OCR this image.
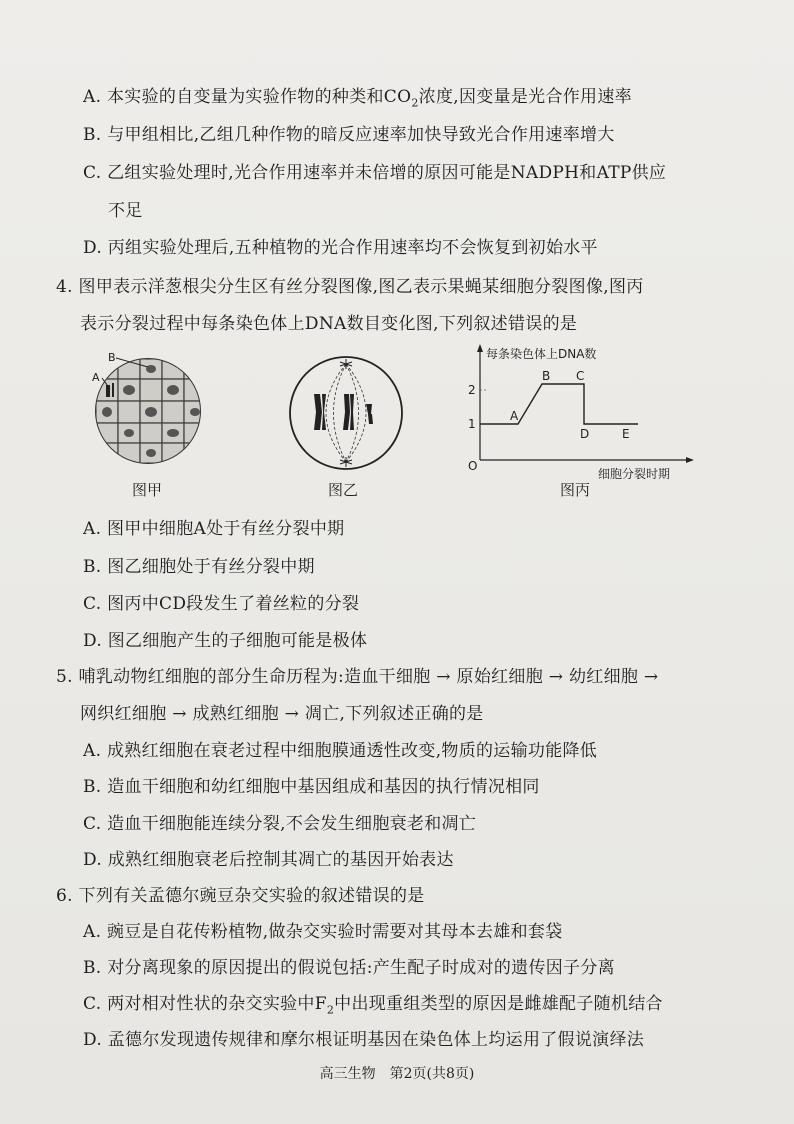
A. 本实验的自变量为实验作物的种类和$CO_2$浓度,因变量是光合作用速率
B. 与甲组相比,乙组几种作物的暗反应速率加快导致光合作用速率增大
C. 乙组实验处理时,光合作用速率并未倍增的原因可能是NADPH和ATP供应
不足
D. 丙组实验处理后,五种植物的光合作用速率均不会恢复到初始水平
4. 图甲表示洋葱根尖分生区有丝分裂图像,图乙表示果蝇某细胞分裂图像,图丙
表示分裂过程中每条染色体上DNA数目变化图,下列叙述错误的是
B
A
图甲	图乙
每条染色体上DNA数
2
1
O
A
B C
D	E
细胞分裂时期
图丙
A. 图甲中细胞A处于有丝分裂中期
B. 图乙细胞处于有丝分裂中期
C. 图丙中CD段发生了着丝粒的分裂
D. 图乙细胞产生的子细胞可能是极体
5. 哺乳动物红细胞的部分生命历程为:造血干细胞 → 原始红细胞 → 幼红细胞 →
网织红细胞 → 成熟红细胞 → 凋亡,下列叙述正确的是
A. 成熟红细胞在衰老过程中细胞膜通透性改变,物质的运输功能降低
B. 造血干细胞和幼红细胞中基因组成和基因的执行情况相同
C. 造血干细胞能连续分裂,不会发生细胞衰老和凋亡
D. 成熟红细胞衰老后控制其凋亡的基因开始表达
6. 下列有关孟德尔豌豆杂交实验的叙述错误的是
A. 豌豆是自花传粉植物,做杂交实验时需要对其母本去雄和套袋
B. 对分离现象的原因提出的假说包括:产生配子时成对的遗传因子分离
C. 两对相对性状的杂交实验中$F_2$中出现重组类型的原因是雌雄配子随机结合
D. 孟德尔发现遗传规律和摩尔根证明基因在染色体上均运用了假说演绎法
高三生物　第2页(共8页)
